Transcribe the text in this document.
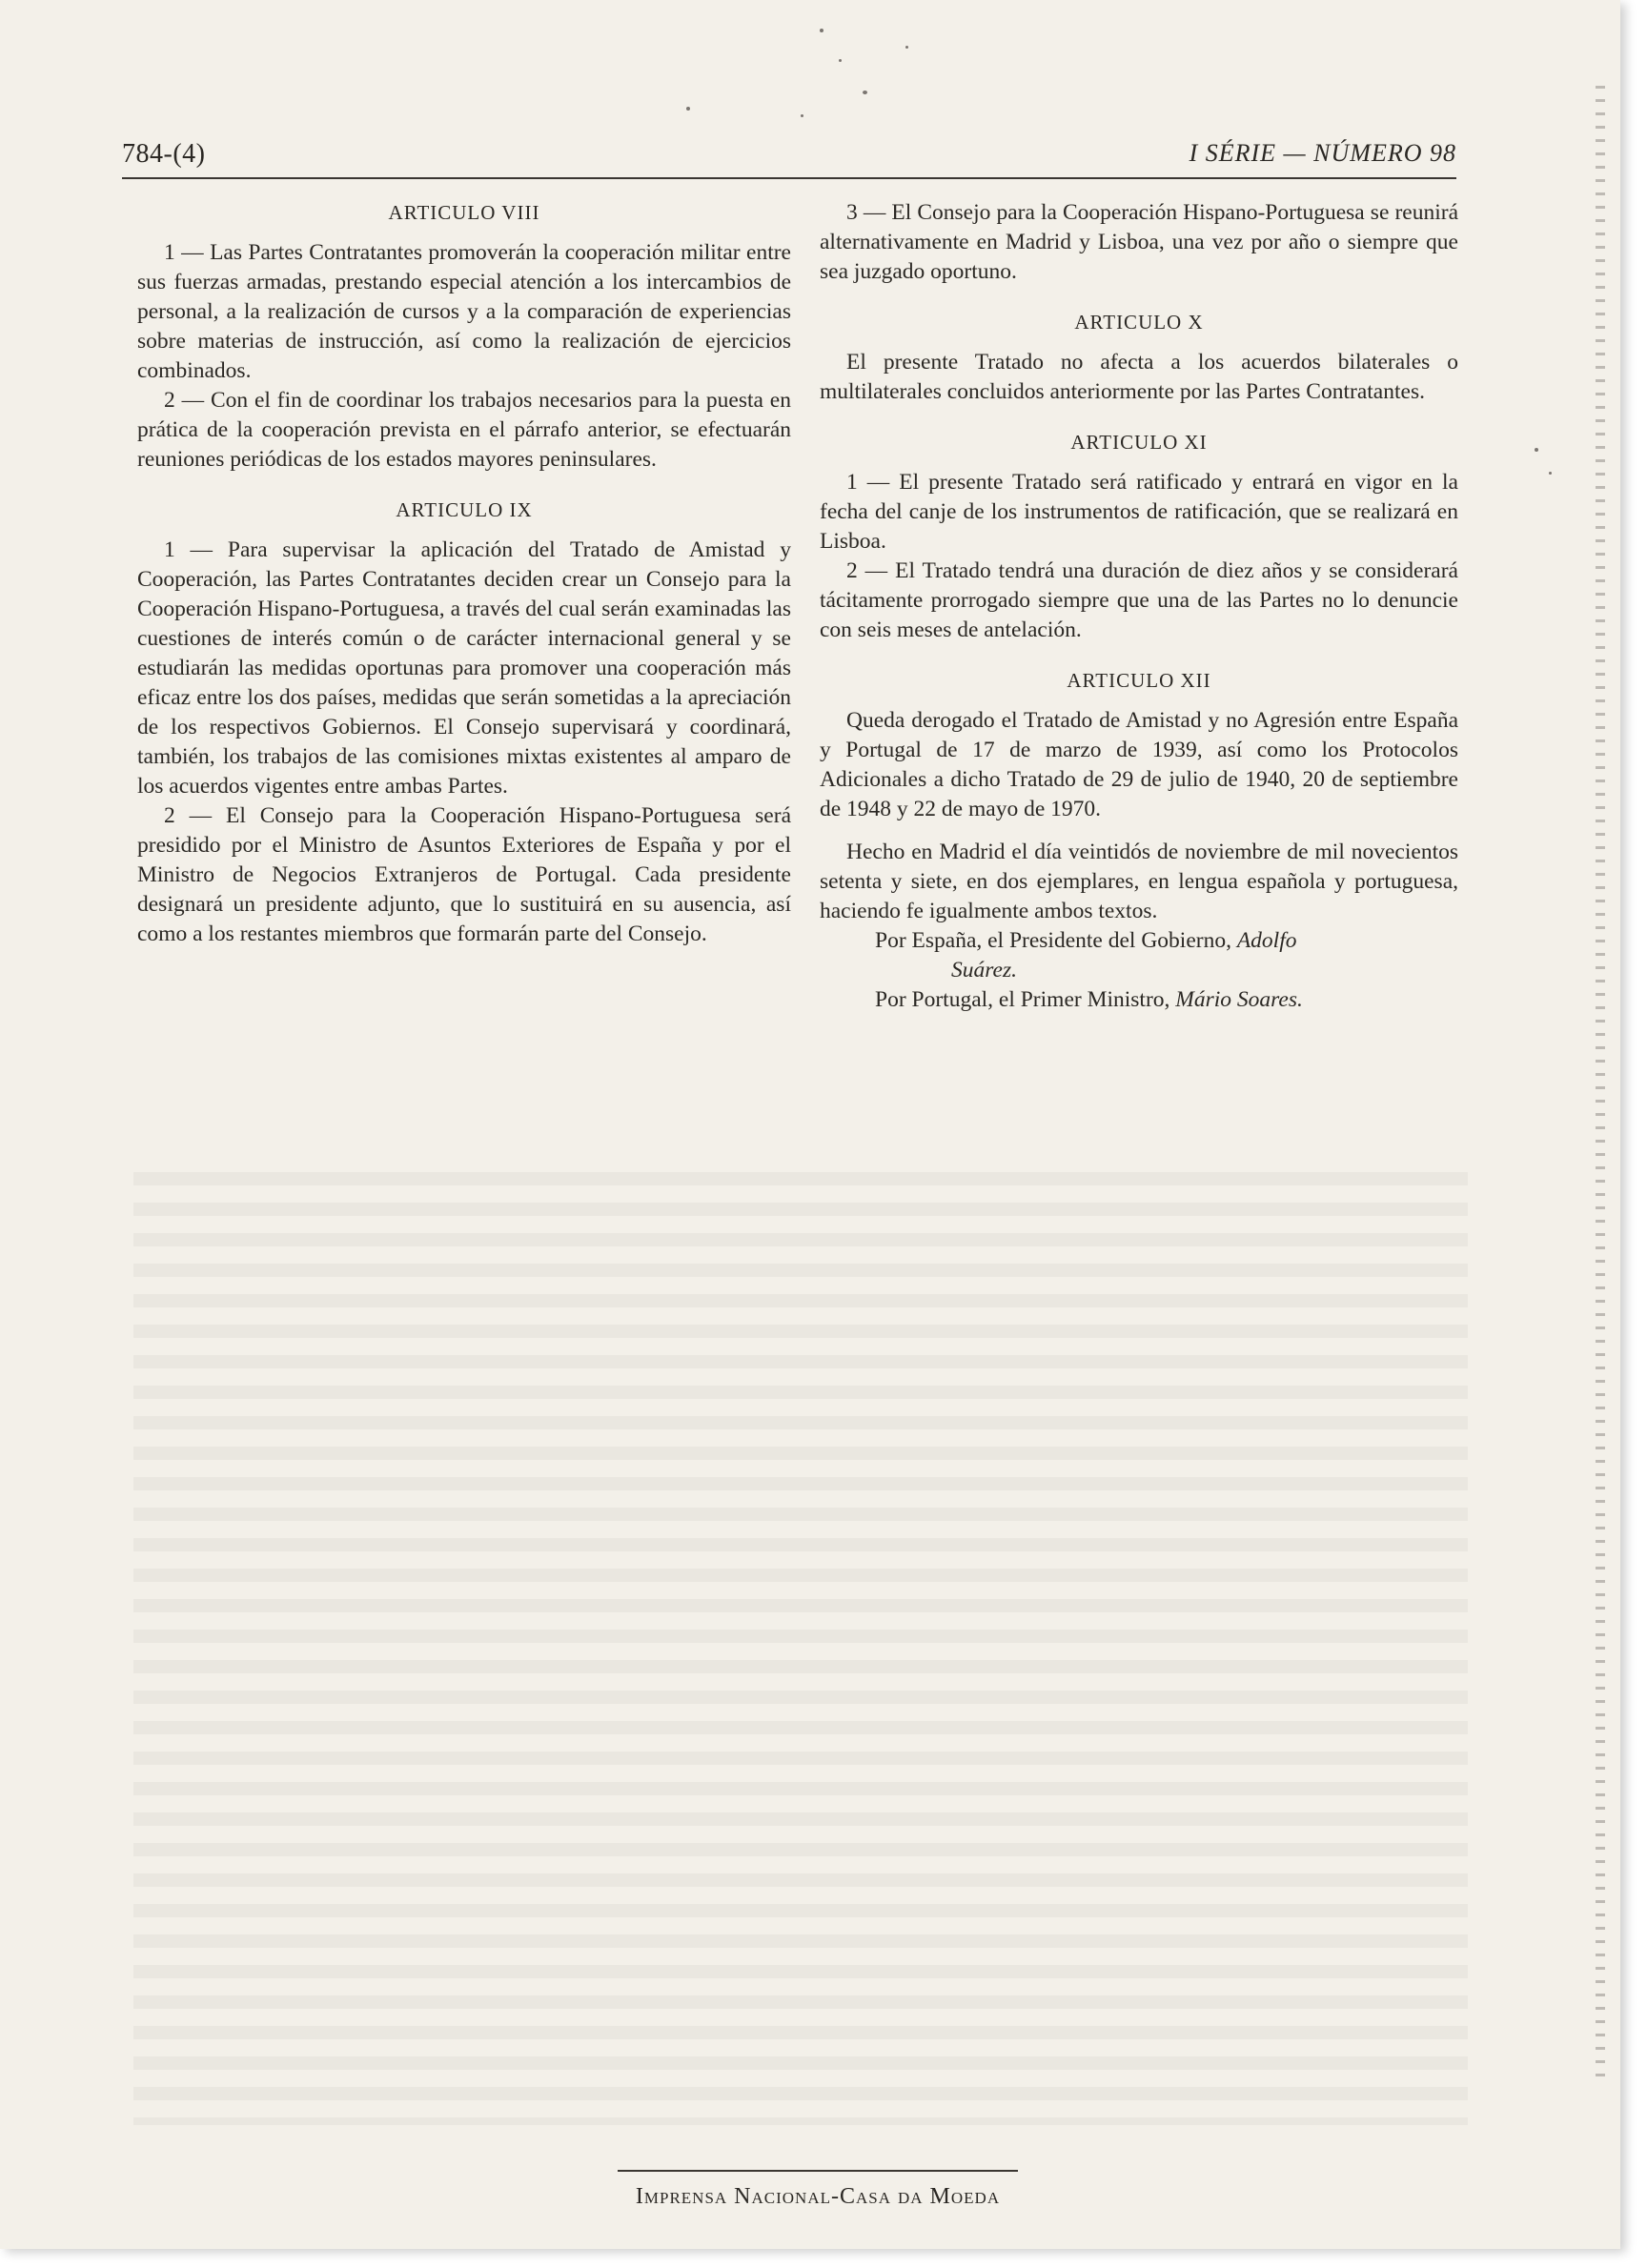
784-(4)	I SÉRIE — NÚMERO 98
ARTICULO VIII

1 — Las Partes Contratantes promoverán la cooperación militar entre sus fuerzas armadas, prestando especial atención a los intercambios de personal, a la realización de cursos y a la comparación de experiencias sobre materias de instrucción, así como la realización de ejercicios combinados.

2 — Con el fin de coordinar los trabajos necesarios para la puesta en prática de la cooperación prevista en el párrafo anterior, se efectuarán reuniones periódicas de los estados mayores peninsulares.

ARTICULO IX

1 — Para supervisar la aplicación del Tratado de Amistad y Cooperación, las Partes Contratantes deciden crear un Consejo para la Cooperación Hispano-Portuguesa, a través del cual serán examinadas las cuestiones de interés común o de carácter internacional general y se estudiarán las medidas oportunas para promover una cooperación más eficaz entre los dos países, medidas que serán sometidas a la apreciación de los respectivos Gobiernos. El Consejo supervisará y coordinará, también, los trabajos de las comisiones mixtas existentes al amparo de los acuerdos vigentes entre ambas Partes.

2 — El Consejo para la Cooperación Hispano-Portuguesa será presidido por el Ministro de Asuntos Exteriores de España y por el Ministro de Negocios Extranjeros de Portugal. Cada presidente designará un presidente adjunto, que lo sustituirá en su ausencia, así como a los restantes miembros que formarán parte del Consejo.

3 — El Consejo para la Cooperación Hispano-Portuguesa se reunirá alternativamente en Madrid y Lisboa, una vez por año o siempre que sea juzgado oportuno.

ARTICULO X

El presente Tratado no afecta a los acuerdos bilaterales o multilaterales concluidos anteriormente por las Partes Contratantes.

ARTICULO XI

1 — El presente Tratado será ratificado y entrará en vigor en la fecha del canje de los instrumentos de ratificación, que se realizará en Lisboa.

2 — El Tratado tendrá una duración de diez años y se considerará tácitamente prorrogado siempre que una de las Partes no lo denuncie con seis meses de antelación.

ARTICULO XII

Queda derogado el Tratado de Amistad y no Agresión entre España y Portugal de 17 de marzo de 1939, así como los Protocolos Adicionales a dicho Tratado de 29 de julio de 1940, 20 de septiembre de 1948 y 22 de mayo de 1970.

Hecho en Madrid el día veintidós de noviembre de mil novecientos setenta y siete, en dos ejemplares, en lengua española y portuguesa, haciendo fe igualmente ambos textos.

Por España, el Presidente del Gobierno, Adolfo

Suárez.

Por Portugal, el Primer Ministro, Mário Soares.

Imprensa Nacional-Casa da Moeda
